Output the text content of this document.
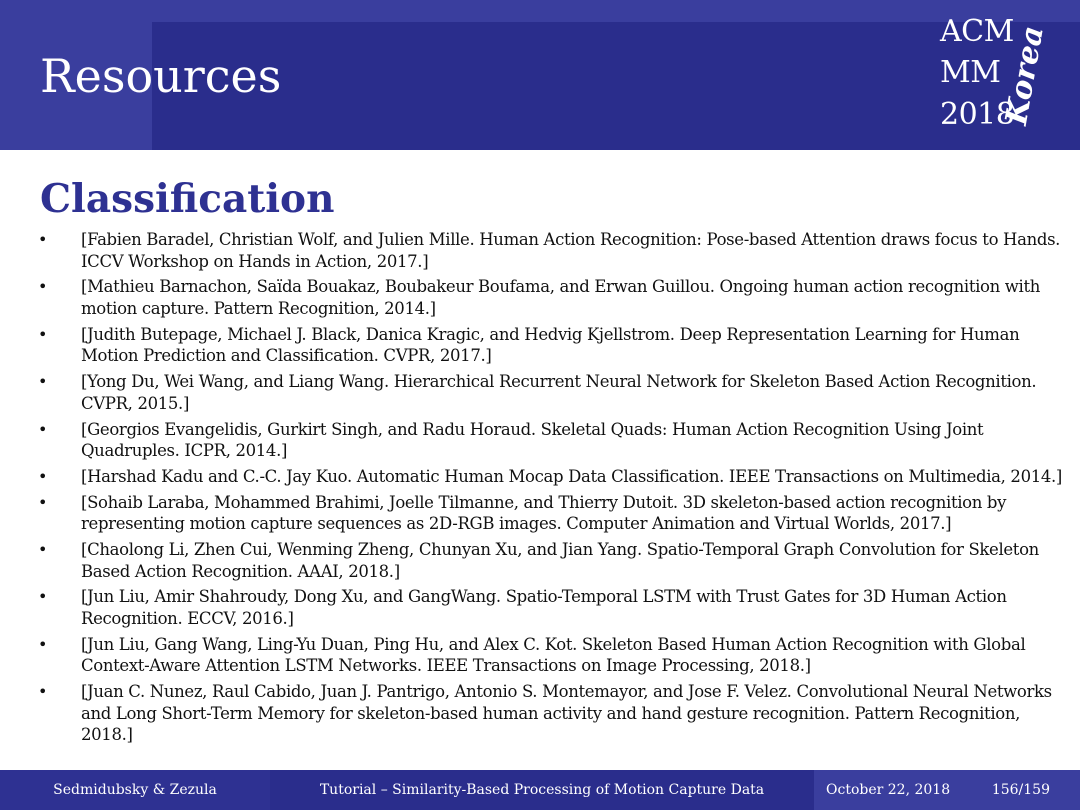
Resources

ACM

MM

2018

Korea

Classification
• [Fabien Baradel, Christian Wolf, and Julien Mille. Human Action Recognition: Pose-based Attention draws focus to Hands. ICCV Workshop on Hands in Action, 2017.]
• [Mathieu Barnachon, Saïda Bouakaz, Boubakeur Boufama, and Erwan Guillou. Ongoing human action recognition with motion capture. Pattern Recognition, 2014.]
• [Judith Butepage, Michael J. Black, Danica Kragic, and Hedvig Kjellstrom. Deep Representation Learning for Human Motion Prediction and Classification. CVPR, 2017.]
• [Yong Du, Wei Wang, and Liang Wang. Hierarchical Recurrent Neural Network for Skeleton Based Action Recognition. CVPR, 2015.]
• [Georgios Evangelidis, Gurkirt Singh, and Radu Horaud. Skeletal Quads: Human Action Recognition Using Joint Quadruples. ICPR, 2014.]
• [Harshad Kadu and C.-C. Jay Kuo. Automatic Human Mocap Data Classification. IEEE Transactions on Multimedia, 2014.]
• [Sohaib Laraba, Mohammed Brahimi, Joelle Tilmanne, and Thierry Dutoit. 3D skeleton-based action recognition by representing motion capture sequences as 2D-RGB images. Computer Animation and Virtual Worlds, 2017.]
• [Chaolong Li, Zhen Cui, Wenming Zheng, Chunyan Xu, and Jian Yang. Spatio-Temporal Graph Convolution for Skeleton Based Action Recognition. AAAI, 2018.]
• [Jun Liu, Amir Shahroudy, Dong Xu, and GangWang. Spatio-Temporal LSTM with Trust Gates for 3D Human Action Recognition. ECCV, 2016.]
• [Jun Liu, Gang Wang, Ling-Yu Duan, Ping Hu, and Alex C. Kot. Skeleton Based Human Action Recognition with Global Context-Aware Attention LSTM Networks. IEEE Transactions on Image Processing, 2018.]
• [Juan C. Nunez, Raul Cabido, Juan J. Pantrigo, Antonio S. Montemayor, and Jose F. Velez. Convolutional Neural Networks and Long Short-Term Memory for skeleton-based human activity and hand gesture recognition. Pattern Recognition, 2018.]
Sedmidubsky & Zezula	Tutorial – Similarity-Based Processing of Motion Capture Data	October 22, 2018	156/159
